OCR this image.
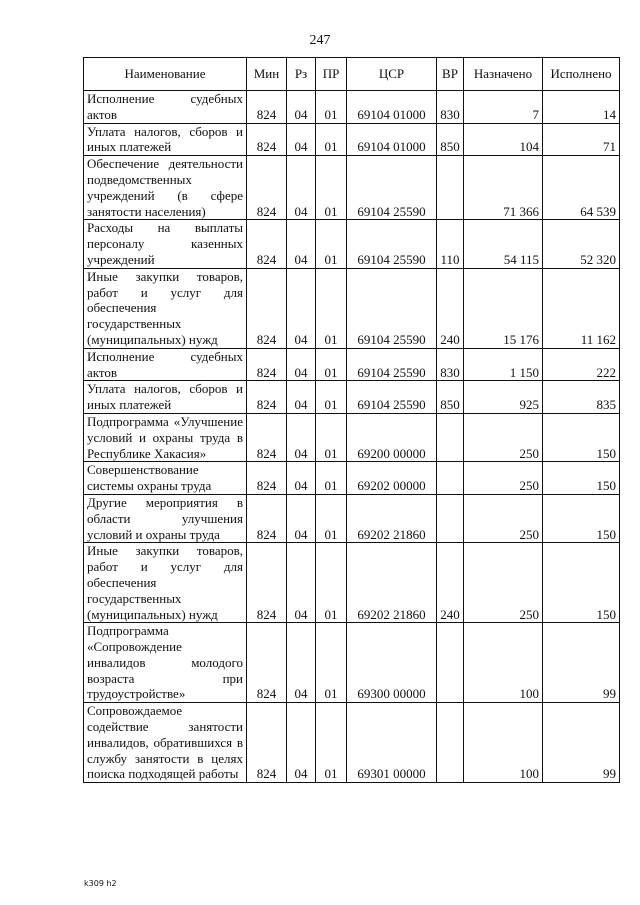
247
Наименование	Мин	Рз	ПР	ЦСР	ВР	Назначено	Исполнено
Исполнение судебных актов	824	04	01	69104 01000	830	7	14
Уплата налогов, сборов и иных платежей	824	04	01	69104 01000	850	104	71
Обеспечение деятельности подведомственных учреждений (в сфере занятости населения)	824	04	01	69104 25590		71 366	64 539
Расходы на выплаты персоналу казенных учреждений	824	04	01	69104 25590	110	54 115	52 320
Иные закупки товаров, работ и услуг для обеспечения государственных (муниципальных) нужд	824	04	01	69104 25590	240	15 176	11 162
Исполнение судебных актов	824	04	01	69104 25590	830	1 150	222
Уплата налогов, сборов и иных платежей	824	04	01	69104 25590	850	925	835
Подпрограмма «Улучшение условий и охраны труда в Республике Хакасия»	824	04	01	69200 00000		250	150
Совершенствование системы охраны труда	824	04	01	69202 00000		250	150
Другие мероприятия в области улучшения условий и охраны труда	824	04	01	69202 21860		250	150
Иные закупки товаров, работ и услуг для обеспечения государственных (муниципальных) нужд	824	04	01	69202 21860	240	250	150
Подпрограмма «Сопровождение инвалидов молодого возраста при трудоустройстве»	824	04	01	69300 00000		100	99
Сопровождаемое содействие занятости инвалидов, обратившихся в службу занятости в целях поиска подходящей работы	824	04	01	69301 00000		100	99
k309 h2
